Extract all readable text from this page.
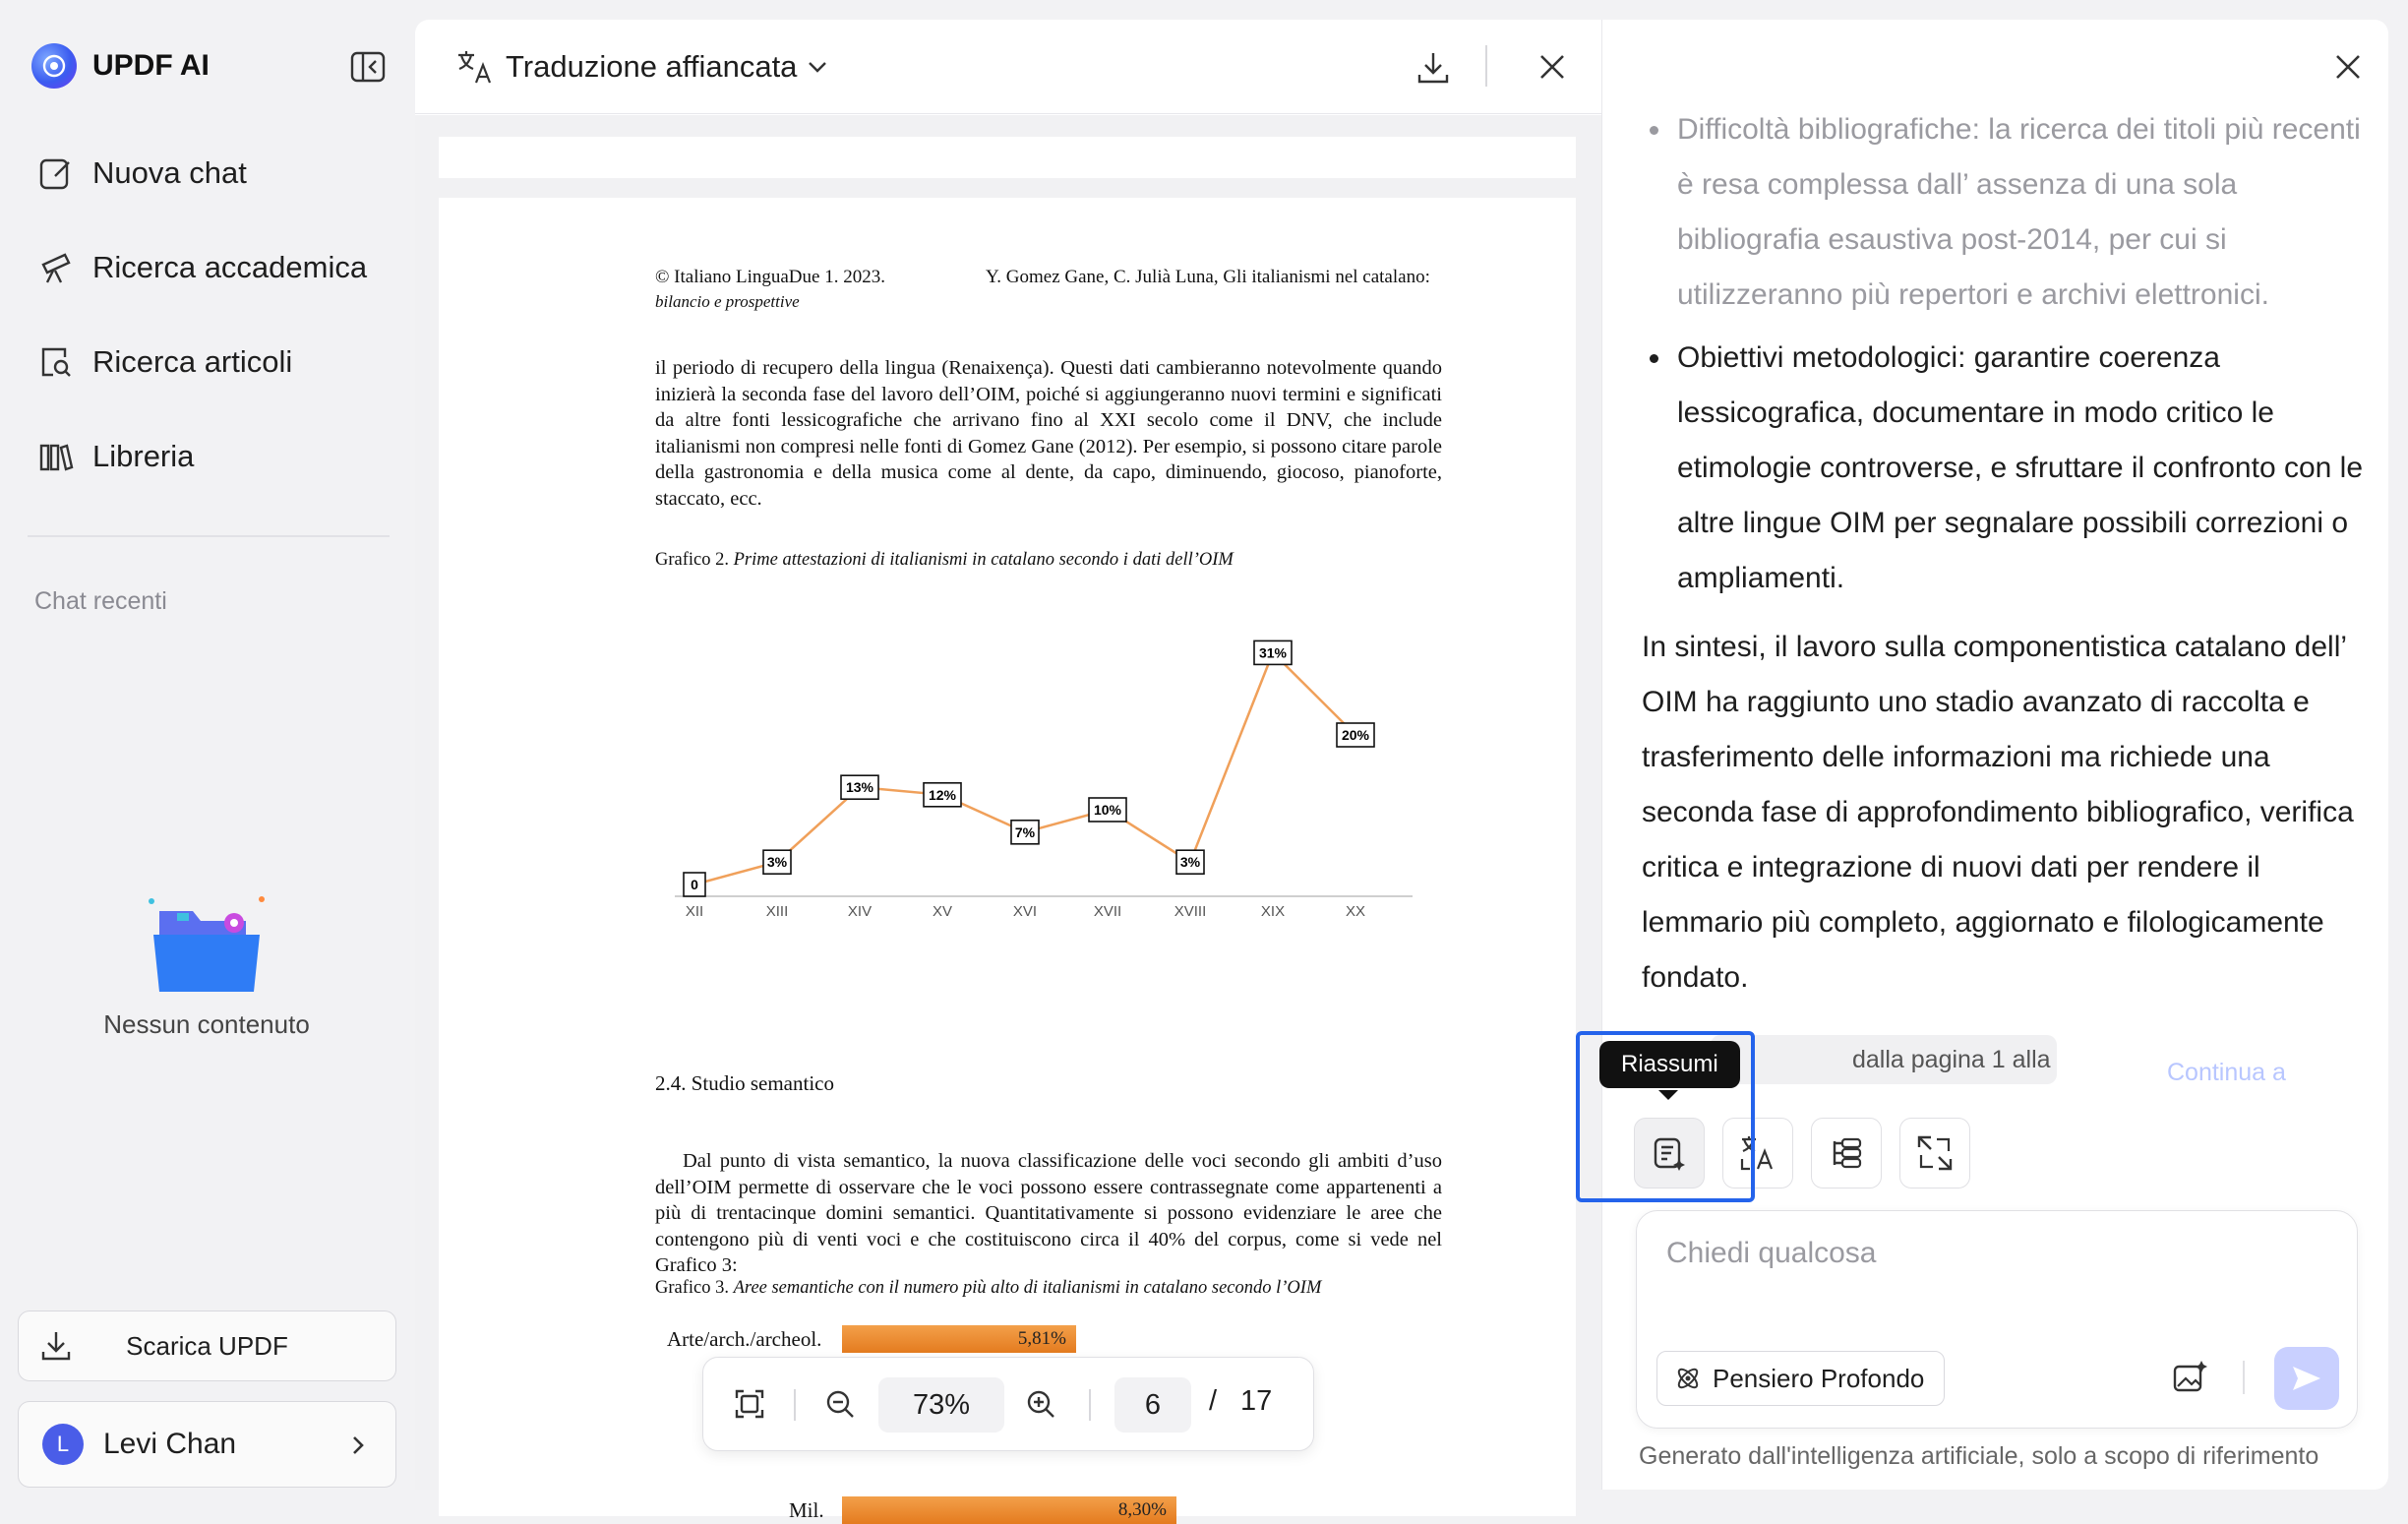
UPDF AI
Nuova chat
Ricerca accademica
Ricerca articoli
Libreria
Chat recenti
Nessun contenuto
Scarica UPDF
L	Levi Chan
Traduzione affiancata
© Italiano LinguaDue 1. 2023.	Y. Gomez Gane, C. Julià Luna, Gli italianismi nel catalano:
bilancio e prospettive
il periodo di recupero della lingua (Renaixença). Questi dati cambieranno notevolmente quando inizierà la seconda fase del lavoro dell’OIM, poiché si aggiungeranno nuovi termini e significati da altre fonti lessicografiche che arrivano fino al XXI secolo come il DNV, che include italianismi non compresi nelle fonti di Gomez Gane (2012). Per esempio, si possono citare parole della gastronomia e della musica come al dente, da capo, diminuendo, giocoso, pianoforte, staccato, ecc.
Grafico 2. Prime attestazioni di italianismi in catalano secondo i dati dell’OIM
0
XII
3%
XIII
13%
XIV
12%
XV
7%
XVI
10%
XVII
3%
XVIII
31%
XIX
20%
XX
2.4. Studio semantico
Dal punto di vista semantico, la nuova classificazione delle voci secondo gli ambiti d’uso dell’OIM permette di osservare che le voci possono essere contrassegnate come appartenenti a più di trentacinque domini semantici. Quantitativamente si possono evidenziare le aree che contengono più di venti voci e che costituiscono circa il 40% del corpus, come si vede nel Grafico 3:
Grafico 3. Aree semantiche con il numero più alto di italianismi in catalano secondo l’OIM
Arte/arch./archeol.	5,81%
Mil.	8,30%
73%	6	/ 17
Difficoltà bibliografiche: la ricerca dei titoli più recenti è resa complessa dall’ assenza di una sola bibliografia esaustiva post-2014, per cui si utilizzeranno più repertori e archivi elettronici.
Obiettivi metodologici: garantire coerenza lessicografica, documentare in modo critico le etimologie controverse, e sfruttare il confronto con le altre lingue OIM per segnalare possibili correzioni o ampliamenti.

In sintesi, il lavoro sulla componentistica catalano dell’ OIM ha raggiunto uno stadio avanzato di raccolta e trasferimento delle informazioni ma richiede una seconda fase di approfondimento bibliografico, verifica critica e integrazione di nuovi dati per rendere il lemmario più completo, aggiornato e filologicamente fondato.

dalla pagina 1 alla	Continua a
Riassumi
Chiedi qualcosa
Pensiero Profondo
Generato dall'intelligenza artificiale, solo a scopo di riferimento
